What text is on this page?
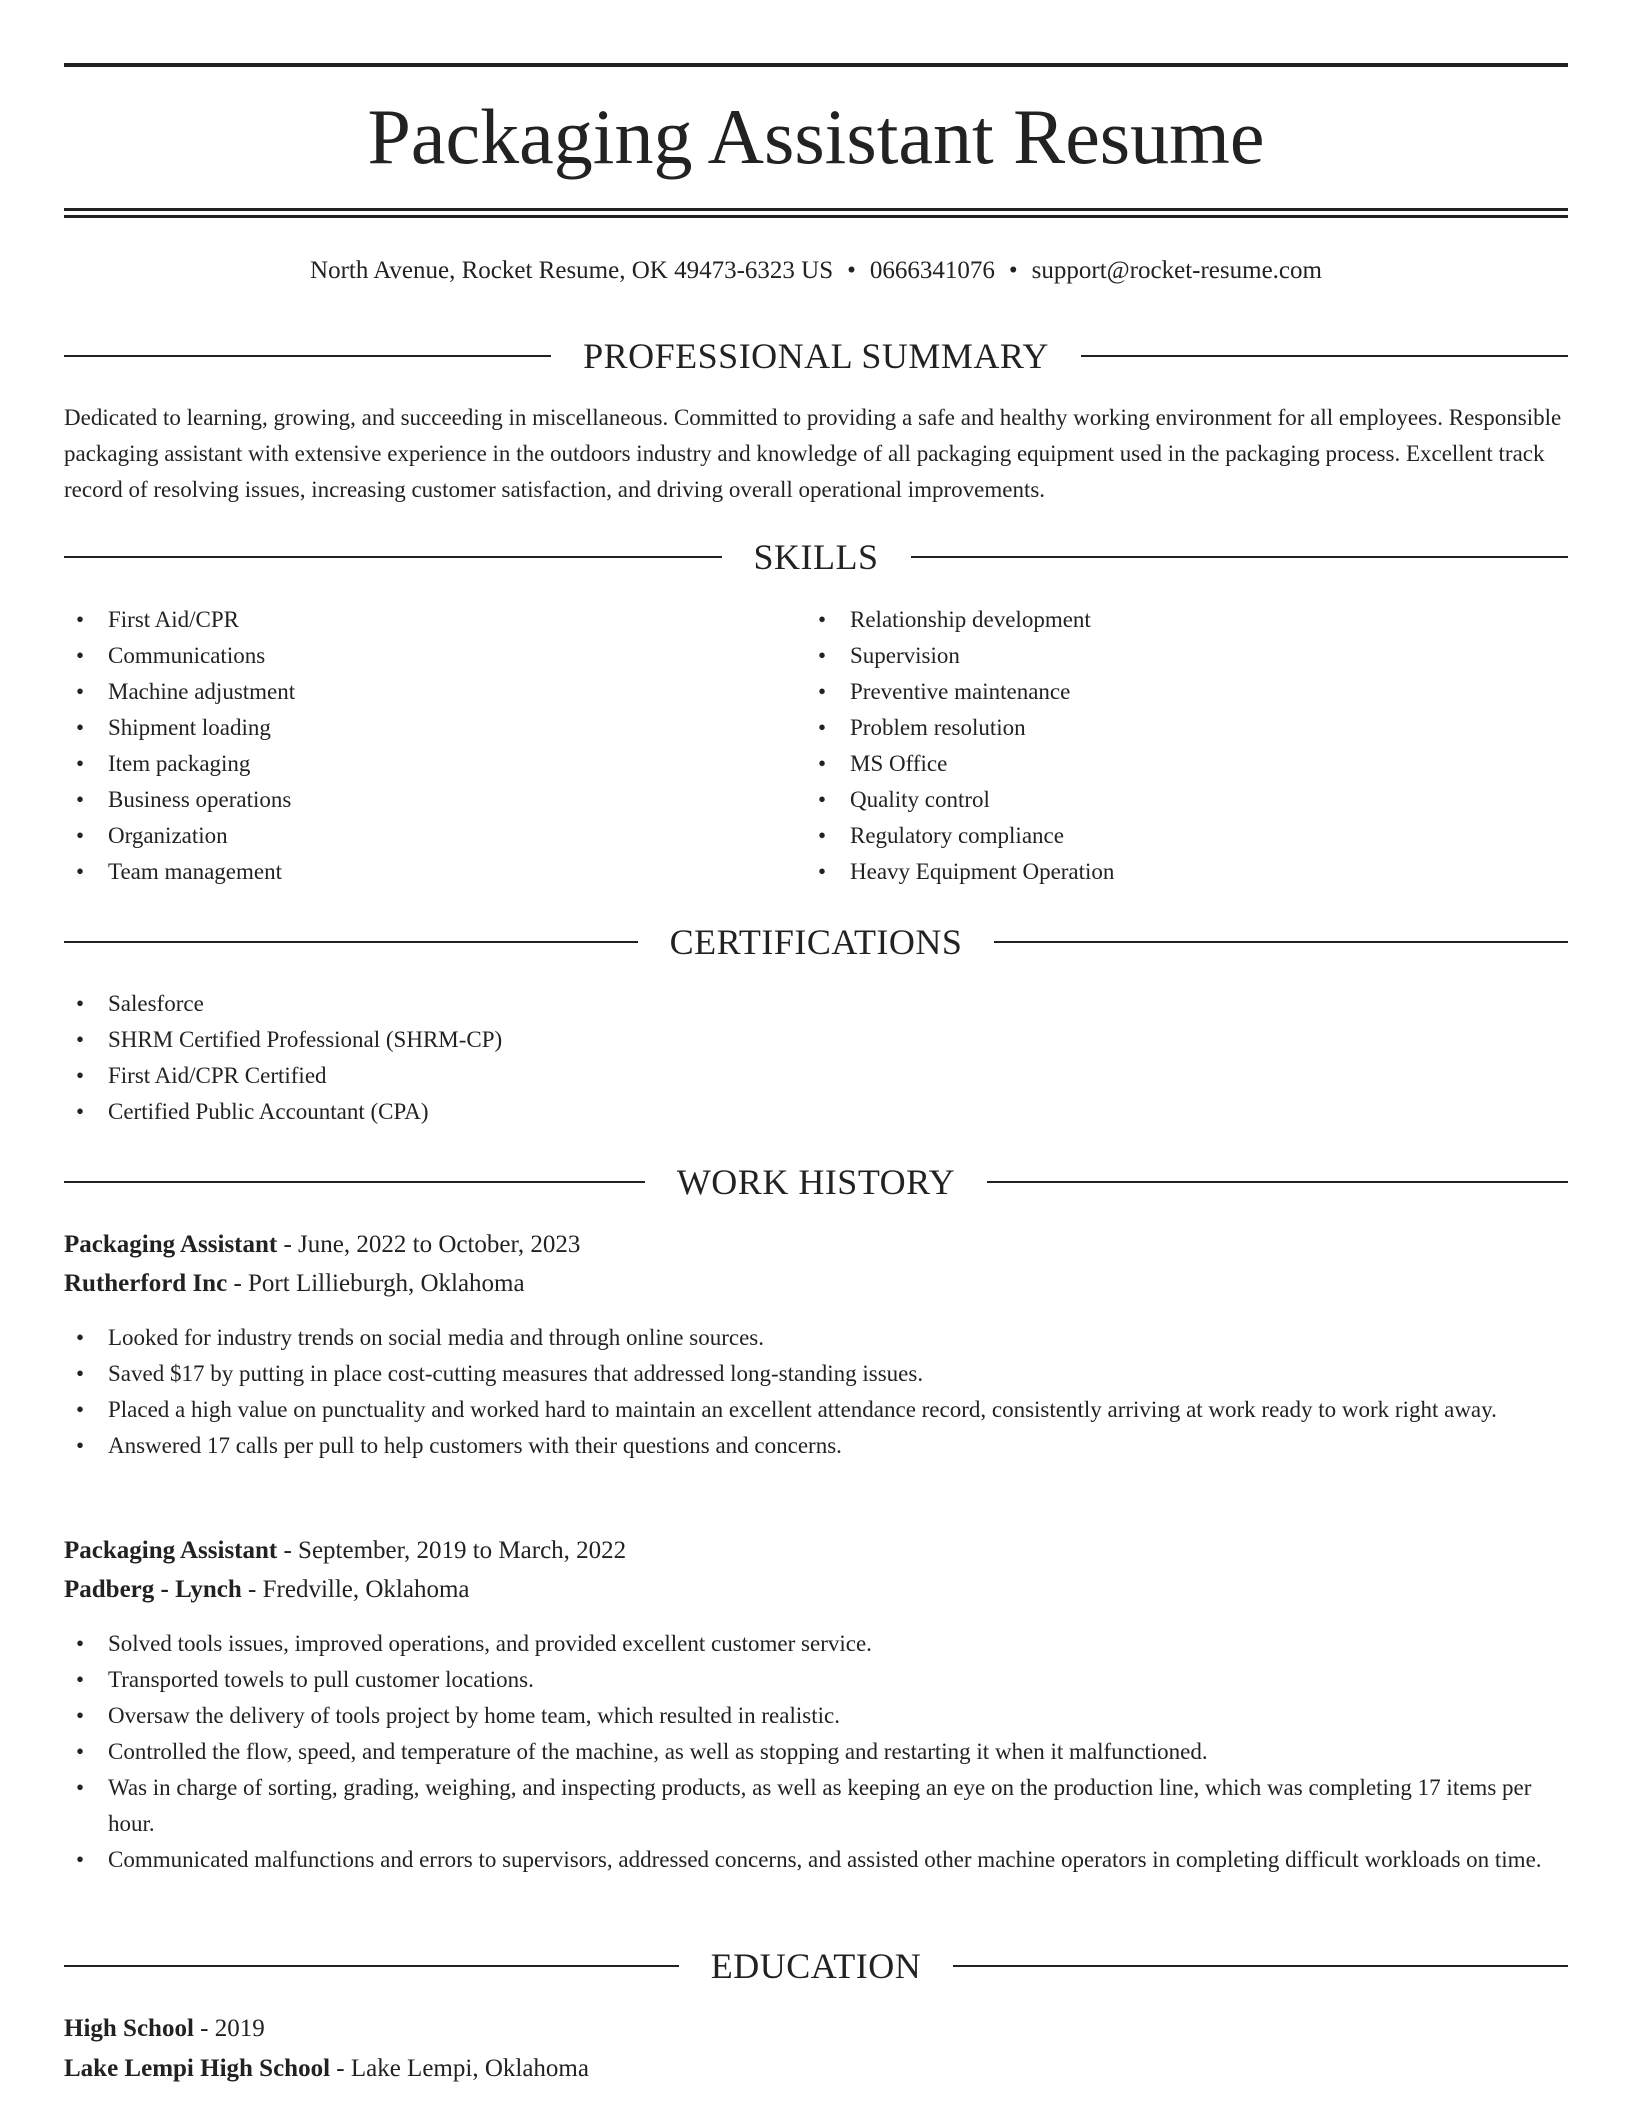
Packaging Assistant Resume
North Avenue, Rocket Resume, OK 49473-6323 US • 0666341076 • support@rocket-resume.com
PROFESSIONAL SUMMARY

Dedicated to learning, growing, and succeeding in miscellaneous. Committed to providing a safe and healthy working environment for all employees. Responsible packaging assistant with extensive experience in the outdoors industry and knowledge of all packaging equipment used in the packaging process. Excellent track record of resolving issues, increasing customer satisfaction, and driving overall operational improvements.

SKILLS
• First Aid/CPR
• Communications
• Machine adjustment
• Shipment loading
• Item packaging
• Business operations
• Organization
• Team management
• Relationship development
• Supervision
• Preventive maintenance
• Problem resolution
• MS Office
• Quality control
• Regulatory compliance
• Heavy Equipment Operation
CERTIFICATIONS
• Salesforce
• SHRM Certified Professional (SHRM-CP)
• First Aid/CPR Certified
• Certified Public Accountant (CPA)
WORK HISTORY
Packaging Assistant - June, 2022 to October, 2023
Rutherford Inc - Port Lillieburgh, Oklahoma
• Looked for industry trends on social media and through online sources.
• Saved $17 by putting in place cost-cutting measures that addressed long-standing issues.
• Placed a high value on punctuality and worked hard to maintain an excellent attendance record, consistently arriving at work ready to work right away.
• Answered 17 calls per pull to help customers with their questions and concerns.
Packaging Assistant - September, 2019 to March, 2022
Padberg - Lynch - Fredville, Oklahoma
• Solved tools issues, improved operations, and provided excellent customer service.
• Transported towels to pull customer locations.
• Oversaw the delivery of tools project by home team, which resulted in realistic.
• Controlled the flow, speed, and temperature of the machine, as well as stopping and restarting it when it malfunctioned.
• Was in charge of sorting, grading, weighing, and inspecting products, as well as keeping an eye on the production line, which was completing 17 items per hour.
• Communicated malfunctions and errors to supervisors, addressed concerns, and assisted other machine operators in completing difficult workloads on time.
EDUCATION
High School - 2019
Lake Lempi High School - Lake Lempi, Oklahoma
